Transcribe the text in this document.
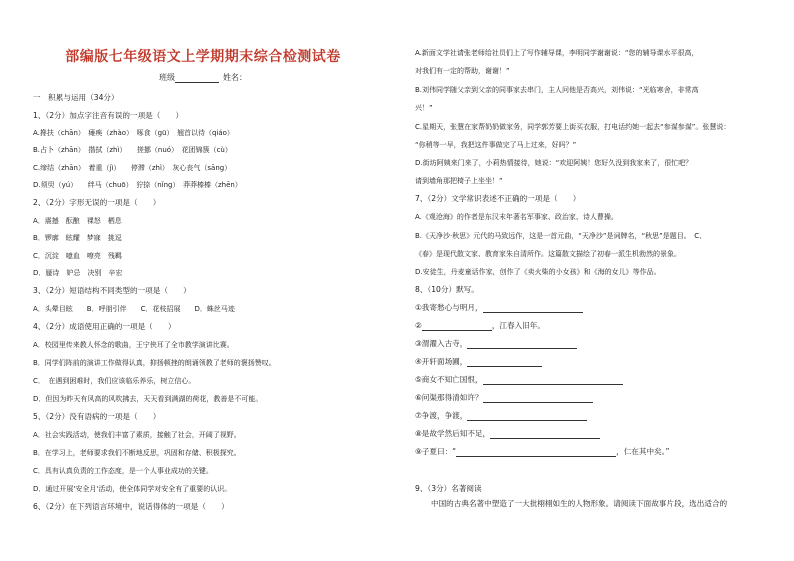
部编版七年级语文上学期期末综合检测试卷
班级	姓名：
一　积累与运用（34分）
1、（2分）加点字注音有误的一项是（　　）
A.搀扶（chān）　瘫痪（zhào）　啄食（gū）　翘首以待（qiáo）
B.占卜（zhān）　揩拭（zhì）　　搓挪（nuó）　花团锦簇（cù）
C.缔结（zhān）　着重（jì）　　停滞（zhì）　灰心丧气（sāng）
D.须臾（yú）　　绊马（chuō）　狞捺（nǐng）　莽莽榛榛（zhēn）
2、（2分）字形无误的一项是（　　）
A．震撼　酝酿　裸怒　栖息
B．锣廓　眩耀　梦寐　挑逗
C．沉淀　噫血　嘹亮　残羁
D．蜃诗　妒忌　决别　辛宏
3、（2分）短语结构不同类型的一项是（　　）
A．头晕目眩　　B．呼朋引伴　　C．花枝招展　　D．蛛丝马迹
4、（2分）成语使用正确的一项是（　　）
A．校园里传来教人怀念的歌曲，王宁侠耳了全市教学演讲比赛。
B．同学们阵前的演讲工作做得认真，抑扬顿挫的朗诵领教了老师的褒扬赞叹。
C．　在遇到困难时，我们应该临乐养乐，树立信心。
D．但因为昨天有风高的风吹拂去，天天看到满湖的荷花，教善是不可能。
5、（2分）没有语病的一项是（　　）
A．社会实践活动，使我们丰富了素质，接触了社会，开阔了视野。
B．在学习上，老师要求我们不断地反思，巩固和存储、积极探究。
C．具有认真负责的工作态度，是一个人事业成功的关键。
D．通过开展'安全月'活动，使全体同学对安全有了重要的认识。
6、（2分）在下列语言环境中，说话得体的一项是（　　）
A.新面文学社请张老师给社员们上了写作辅导课，李明同学谢谢说：“您的辅导课水平很高，
对我们有一定的帮助，谢谢！”
B.刘伟同学随父亲到父亲的同事家去串门，主人问他是否高兴，刘伟说：“光临寒舍，非常高
兴！”
C.星期天，张慧在家帮奶奶做家务，同学郭芳要上街买衣服，打电话约她一起去“参谋参谋”。张慧说：
“你稍等一早，我把这件事做完了马上过来，好吗？”
D.街坊阿姨来门来了，小莉热情接待，她说：“欢迎阿姨！您好久没到我家来了，很忙吧？
请到墙角那把椅子上坐坐！”
7、（2分）文学常识表述不正确的一项是（　　）
A.《观沧海》的作者是东汉末年著名军事家、政治家、诗人曹操。
B.《天净沙·秋思》元代的马致远作，这是一首元曲，“天净沙”是词牌名，“秋思”是题目。　C、
《春》是现代散文家、教育家朱自清所作。这篇散文描绘了初春一派生机勃然的景象。
D.安徒生，丹麦童话作家，创作了《卖火柴的小女孩》和《海的女儿》等作品。
8、（10分）默写。
①我寄愁心与明月，
②	，江春入旧年。
③渭濯入古寺，
④开轩面场圃，
⑤商女不知亡国恨，
⑥问渠那得清如许？
⑦争渡，争渡，
⑧是故学然后知不足，
⑨子夏曰：“	，仁在其中矣。”
9、（3分）名著阅读
中国的古典名著中塑造了一大批栩栩如生的人物形象。请阅读下面故事片段，选出适合的
